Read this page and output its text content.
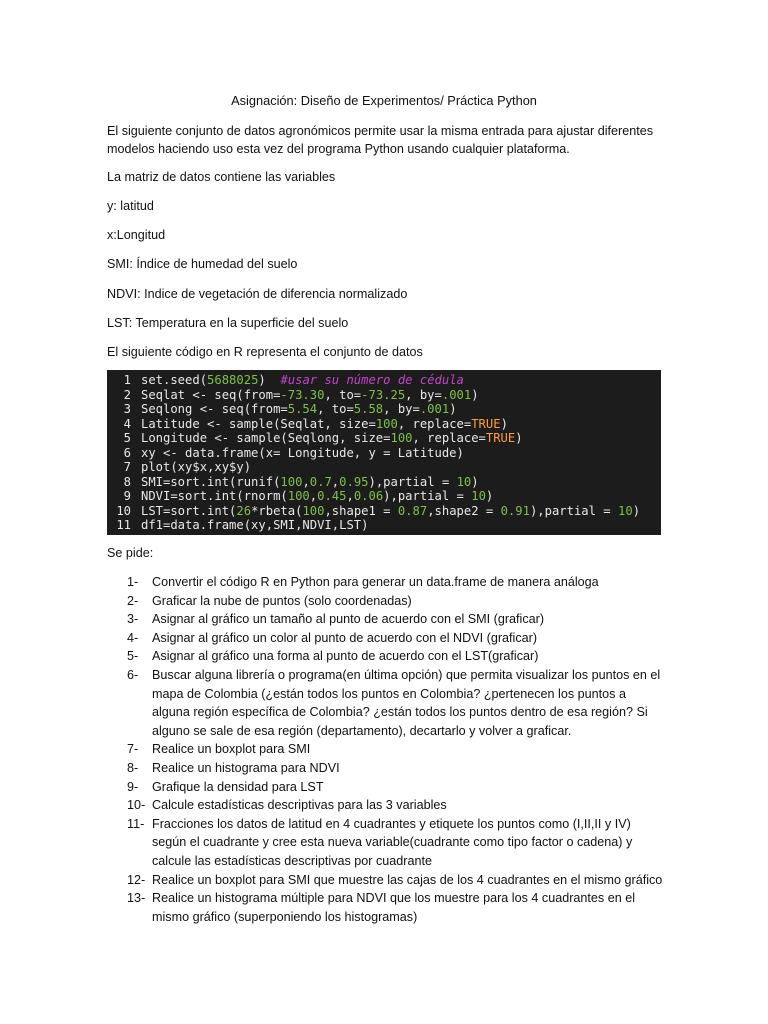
Asignación: Diseño de Experimentos/ Práctica Python
El siguiente conjunto de datos agronómicos permite usar la misma entrada para ajustar diferentes modelos haciendo uso esta vez del programa Python usando cualquier plataforma.
La matriz de datos contiene las variables
y: latitud
x:Longitud
SMI: Índice de humedad del suelo
NDVI: Indice de vegetación de diferencia normalizado
LST: Temperatura en la superficie del suelo
El siguiente código en R representa el conjunto de datos
1 set.seed(5688025)  #usar su número de cédula
2 Seqlat <- seq(from=-73.30, to=-73.25, by=.001)
3 Seqlong <- seq(from=5.54, to=5.58, by=.001)
4 Latitude <- sample(Seqlat, size=100, replace=TRUE)
5 Longitude <- sample(Seqlong, size=100, replace=TRUE)
6 xy <- data.frame(x= Longitude, y = Latitude)
7 plot(xy$x,xy$y)
8 SMI=sort.int(runif(100,0.7,0.95),partial = 10)
9 NDVI=sort.int(rnorm(100,0.45,0.06),partial = 10)
10 LST=sort.int(26*rbeta(100,shape1 = 0.87,shape2 = 0.91),partial = 10)
11 df1=data.frame(xy,SMI,NDVI,LST)
Se pide:
1-	Convertir el código R en Python para generar un data.frame de manera análoga
2-	Graficar la nube de puntos (solo coordenadas)
3-	Asignar al gráfico un tamaño al punto de acuerdo con el SMI (graficar)
4-	Asignar al gráfico un color al punto de acuerdo con el NDVI (graficar)
5-	Asignar al gráfico una forma al punto de acuerdo con el LST(graficar)
6-	Buscar alguna librería o programa(en última opción) que permita visualizar los puntos en el mapa de Colombia (¿están todos los puntos en Colombia? ¿pertenecen los puntos a alguna región específica de Colombia? ¿están todos los puntos dentro de esa región? Si alguno se sale de esa región (departamento), decartarlo y volver a graficar.
7-	Realice un boxplot para SMI
8-	Realice un histograma para NDVI
9-	Grafique la densidad para LST
10- Calcule estadísticas descriptivas para las 3 variables
11- Fracciones los datos de latitud en 4 cuadrantes y etiquete los puntos como (I,II,II y IV) según el cuadrante y cree esta nueva variable(cuadrante como tipo factor o cadena) y calcule las estadísticas descriptivas por cuadrante
12- Realice un boxplot para SMI que muestre las cajas de los 4 cuadrantes en el mismo gráfico
13- Realice un histograma múltiple para NDVI que los muestre para los 4 cuadrantes en el mismo gráfico (superponiendo los histogramas)
